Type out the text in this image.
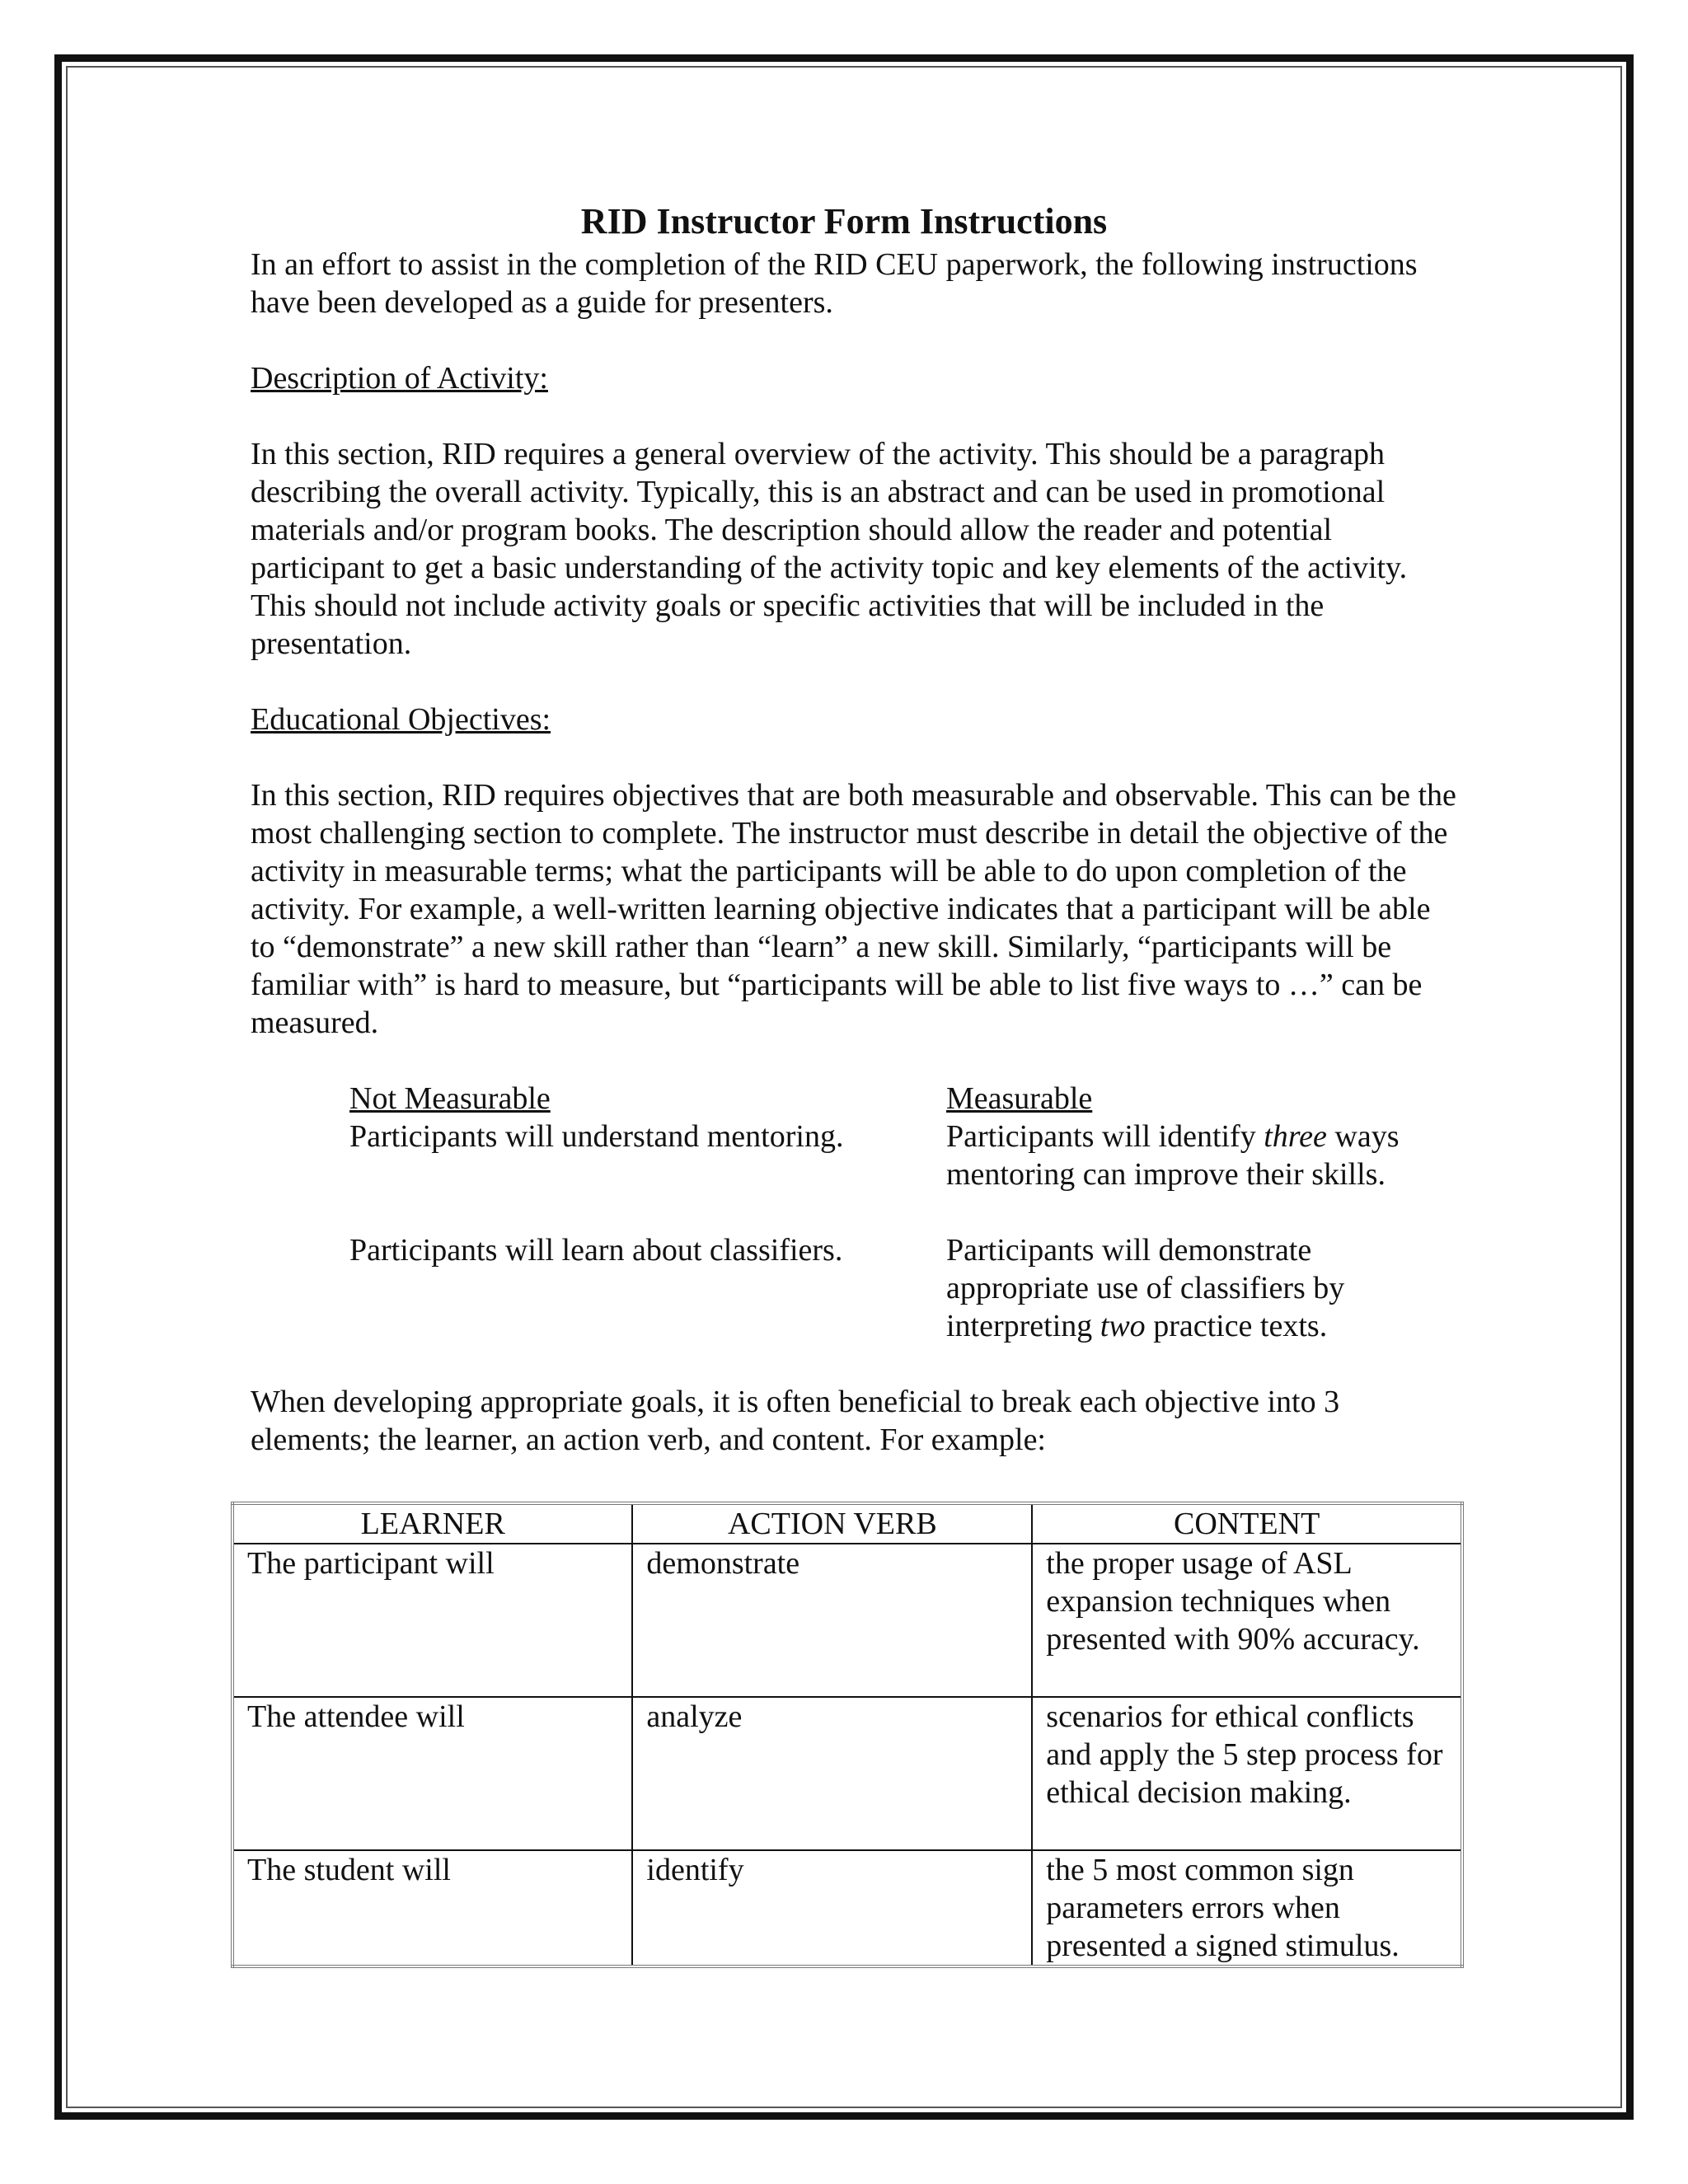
RID Instructor Form Instructions

In an effort to assist in the completion of the RID CEU paperwork, the following instructions have been developed as a guide for presenters.

Description of Activity:

In this section, RID requires a general overview of the activity. This should be a paragraph describing the overall activity. Typically, this is an abstract and can be used in promotional materials and/or program books. The description should allow the reader and potential participant to get a basic understanding of the activity topic and key elements of the activity. This should not include activity goals or specific activities that will be included in the presentation.

Educational Objectives:

In this section, RID requires objectives that are both measurable and observable. This can be the most challenging section to complete. The instructor must describe in detail the objective of the activity in measurable terms; what the participants will be able to do upon completion of the activity. For example, a well-written learning objective indicates that a participant will be able to “demonstrate” a new skill rather than “learn” a new skill. Similarly, “participants will be familiar with” is hard to measure, but “participants will be able to list five ways to …” can be measured.

Not Measurable	Measurable
Participants will understand mentoring.	Participants will identify three ways mentoring can improve their skills.
Participants will learn about classifiers.	Participants will demonstrate appropriate use of classifiers by interpreting two practice texts.

When developing appropriate goals, it is often beneficial to break each objective into 3 elements; the learner, an action verb, and content. For example:

LEARNER	ACTION VERB	CONTENT
The participant will	demonstrate	the proper usage of ASL expansion techniques when presented with 90% accuracy.
The attendee will	analyze	scenarios for ethical conflicts and apply the 5 step process for ethical decision making.
The student will	identify	the 5 most common sign parameters errors when presented a signed stimulus.
